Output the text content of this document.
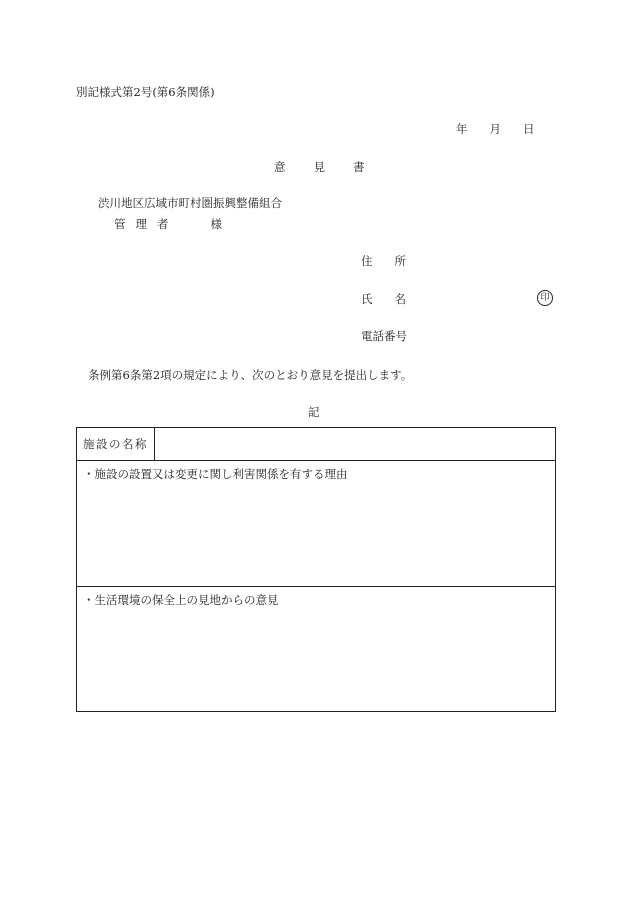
別記様式第2号(第6条関係)
年 月 日
意 見 書
渋川地区広域市町村圏振興整備組合
管 理 者	様
住 所
氏 名	印
電話番号
条例第6条第2項の規定により、次のとおり意見を提出します。
記
施設の名称
・施設の設置又は変更に関し利害関係を有する理由
・生活環境の保全上の見地からの意見
